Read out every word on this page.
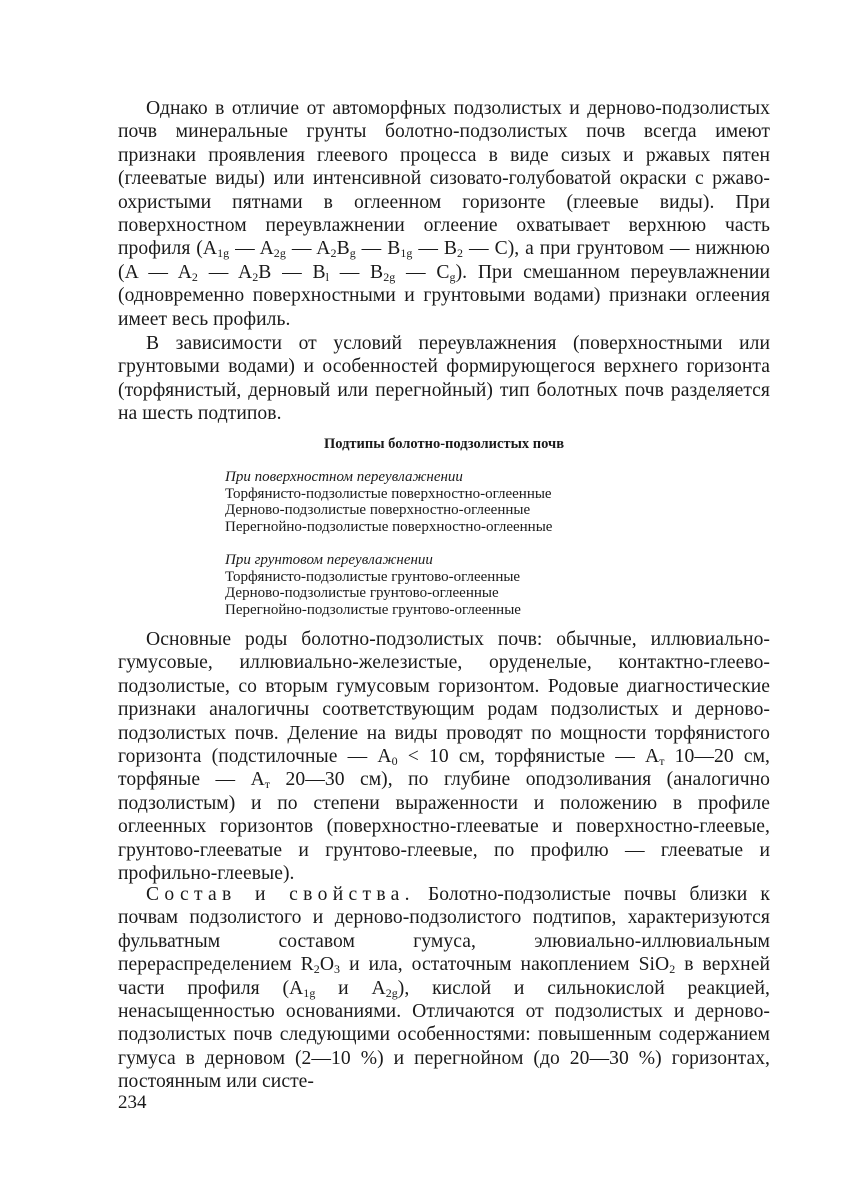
Однако в отличие от автоморфных подзолистых и дерново-подзолистых почв минеральные грунты болотно-подзолистых почв всегда имеют признаки проявления глеевого процесса в виде сизых и ржавых пятен (глееватые виды) или интенсивной сизовато-голубоватой окраски с ржаво-охристыми пятнами в оглеенном горизонте (глеевые виды). При поверхностном переувлажнении оглеение охватывает верхнюю часть профиля ($A_{1g}$ — $A_{2g}$ — $A_2B_g$ — $B_{1g}$ — $B_2$ — C), а при грунтовом — нижнюю (A — $A_2$ — $A_2B$ — $B_l$ — $B_{2g}$ — $C_g$). При смешанном переувлажнении (одновременно поверхностными и грунтовыми водами) признаки оглеения имеет весь профиль.

В зависимости от условий переувлажнения (поверхностными или грунтовыми водами) и особенностей формирующегося верхнего горизонта (торфянистый, дерновый или перегнойный) тип болотных почв разделяется на шесть подтипов.

Подтипы болотно-подзолистых почв

При поверхностном переувлажнении

Торфянисто-подзолистые поверхностно-оглеенные

Дерново-подзолистые поверхностно-оглеенные

Перегнойно-подзолистые поверхностно-оглеенные

При грунтовом переувлажнении

Торфянисто-подзолистые грунтово-оглеенные

Дерново-подзолистые грунтово-оглеенные

Перегнойно-подзолистые грунтово-оглеенные

Основные роды болотно-подзолистых почв: обычные, иллювиально-гумусовые, иллювиально-железистые, оруденелые, контактно-глеево-подзолистые, со вторым гумусовым горизонтом. Родовые диагностические признаки аналогичны соответствующим родам подзолистых и дерново-подзолистых почв. Деление на виды проводят по мощности торфянистого горизонта (подстилочные — $A_0 < 10$ см, торфянистые — $A_т$ 10—20 см, торфяные — $A_т$ 20—30 см), по глубине оподзоливания (аналогично подзолистым) и по степени выраженности и положению в профиле оглеенных горизонтов (поверхностно-глееватые и поверхностно-глеевые, грунтово-глееватые и грунтово-глеевые, по профилю — глееватые и профильно-глеевые).

Состав и свойства. Болотно-подзолистые почвы близки к почвам подзолистого и дерново-подзолистого подтипов, характеризуются фульватным составом гумуса, элювиально-иллювиальным перераспределением $R_2O_3$ и ила, остаточным накоплением SiO$_2$ в верхней части профиля ($A_{1g}$ и $A_{2g}$), кислой и сильнокислой реакцией, ненасыщенностью основаниями. Отличаются от подзолистых и дерново-подзолистых почв следующими особенностями: повышенным содержанием гумуса в дерновом (2—10 %) и перегнойном (до 20—30 %) горизонтах, постоянным или систе-

234
